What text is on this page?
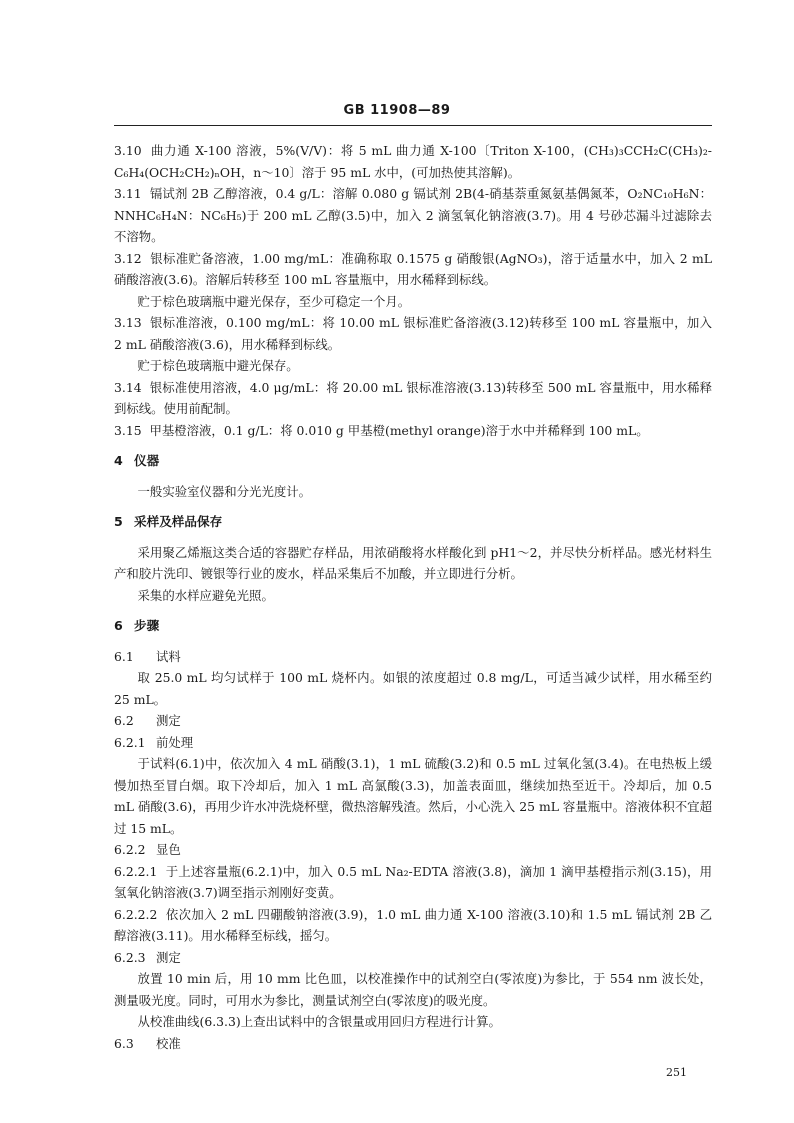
GB 11908—89

3.10 曲力通 X-100 溶液，5%(V/V)：将 5 mL 曲力通 X-100〔Triton X-100，(CH₃)₃CCH₂C(CH₃)₂-C₆H₄(OCH₂CH₂)ₙOH，n～10〕溶于 95 mL 水中，(可加热使其溶解)。

3.11 镉试剂 2B 乙醇溶液，0.4 g/L：溶解 0.080 g 镉试剂 2B(4-硝基萘重氮氨基偶氮苯，O₂NC₁₀H₆N：NNHC₆H₄N：NC₆H₅)于 200 mL 乙醇(3.5)中，加入 2 滴氢氧化钠溶液(3.7)。用 4 号砂芯漏斗过滤除去不溶物。

3.12 银标准贮备溶液，1.00 mg/mL：准确称取 0.1575 g 硝酸银(AgNO₃)，溶于适量水中，加入 2 mL 硝酸溶液(3.6)。溶解后转移至 100 mL 容量瓶中，用水稀释到标线。

贮于棕色玻璃瓶中避光保存，至少可稳定一个月。

3.13 银标准溶液，0.100 mg/mL：将 10.00 mL 银标准贮备溶液(3.12)转移至 100 mL 容量瓶中，加入 2 mL 硝酸溶液(3.6)，用水稀释到标线。

贮于棕色玻璃瓶中避光保存。

3.14 银标准使用溶液，4.0 μg/mL：将 20.00 mL 银标准溶液(3.13)转移至 500 mL 容量瓶中，用水稀释到标线。使用前配制。

3.15 甲基橙溶液，0.1 g/L：将 0.010 g 甲基橙(methyl orange)溶于水中并稀释到 100 mL。

4 仪器

一般实验室仪器和分光光度计。

5 采样及样品保存

采用聚乙烯瓶这类合适的容器贮存样品，用浓硝酸将水样酸化到 pH1～2，并尽快分析样品。感光材料生产和胶片洗印、镀银等行业的废水，样品采集后不加酸，并立即进行分析。

采集的水样应避免光照。

6 步骤
6.1 试料

取 25.0 mL 均匀试样于 100 mL 烧杯内。如银的浓度超过 0.8 mg/L，可适当减少试样，用水稀至约 25 mL。

6.2 测定
6.2.1 前处理

于试料(6.1)中，依次加入 4 mL 硝酸(3.1)，1 mL 硫酸(3.2)和 0.5 mL 过氧化氢(3.4)。在电热板上缓慢加热至冒白烟。取下冷却后，加入 1 mL 高氯酸(3.3)，加盖表面皿，继续加热至近干。冷却后，加 0.5 mL 硝酸(3.6)，再用少许水冲洗烧杯壁，微热溶解残渣。然后，小心洗入 25 mL 容量瓶中。溶液体积不宜超过 15 mL。

6.2.2 显色

6.2.2.1 于上述容量瓶(6.2.1)中，加入 0.5 mL Na₂-EDTA 溶液(3.8)，滴加 1 滴甲基橙指示剂(3.15)，用氢氧化钠溶液(3.7)调至指示剂刚好变黄。

6.2.2.2 依次加入 2 mL 四硼酸钠溶液(3.9)，1.0 mL 曲力通 X-100 溶液(3.10)和 1.5 mL 镉试剂 2B 乙醇溶液(3.11)。用水稀释至标线，摇匀。

6.2.3 测定

放置 10 min 后，用 10 mm 比色皿，以校准操作中的试剂空白(零浓度)为参比，于 554 nm 波长处，测量吸光度。同时，可用水为参比，测量试剂空白(零浓度)的吸光度。

从校准曲线(6.3.3)上查出试料中的含银量或用回归方程进行计算。

6.3 校准
251
